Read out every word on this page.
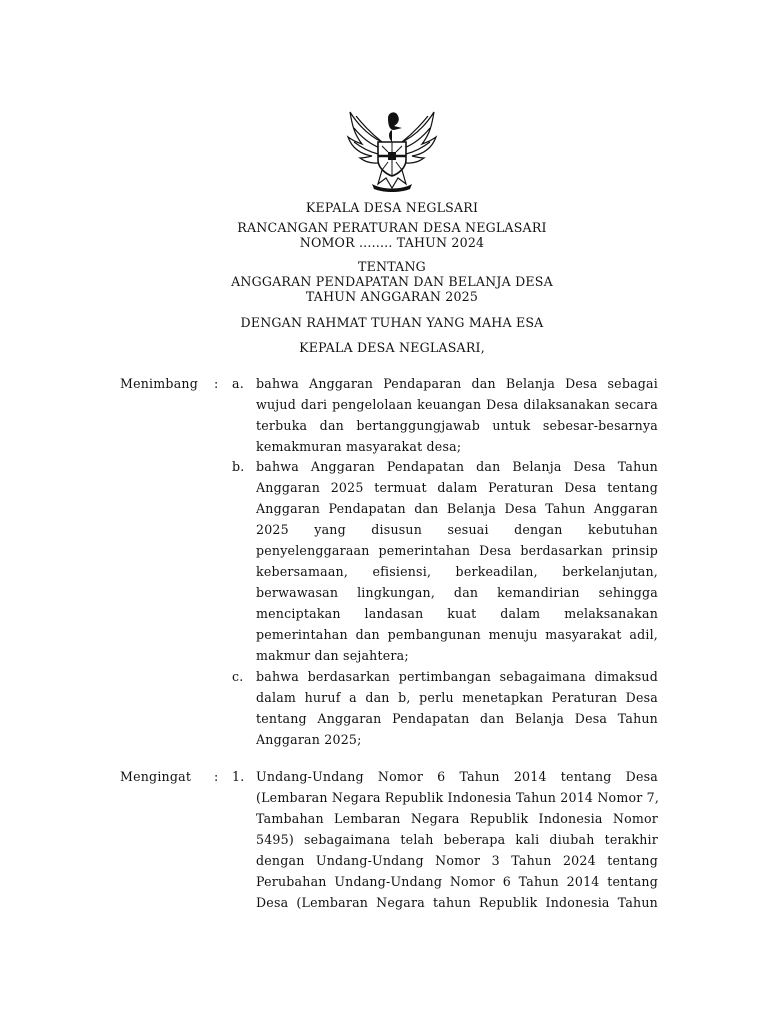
KEPALA DESA NEGLSARI
RANCANGAN PERATURAN DESA NEGLASARI
NOMOR ........ TAHUN 2024
TENTANG
ANGGARAN PENDAPATAN DAN BELANJA DESA
TAHUN ANGGARAN 2025
DENGAN RAHMAT TUHAN YANG MAHA ESA
KEPALA DESA NEGLASARI,
Menimbang : a. bahwa Anggaran Pendaparan dan Belanja Desa sebagai
wujud dari pengelolaan keuangan Desa dilaksanakan secara
terbuka dan bertanggungjawab untuk sebesar-besarnya
kemakmuran masyarakat desa;
b. bahwa Anggaran Pendapatan dan Belanja Desa Tahun
Anggaran 2025 termuat dalam Peraturan Desa tentang
Anggaran Pendapatan dan Belanja Desa Tahun Anggaran
2025 yang disusun sesuai dengan kebutuhan
penyelenggaraan pemerintahan Desa berdasarkan prinsip
kebersamaan, efisiensi, berkeadilan, berkelanjutan,
berwawasan lingkungan, dan kemandirian sehingga
menciptakan landasan kuat dalam melaksanakan
pemerintahan dan pembangunan menuju masyarakat adil,
makmur dan sejahtera;
c. bahwa berdasarkan pertimbangan sebagaimana dimaksud
dalam huruf a dan b, perlu menetapkan Peraturan Desa
tentang Anggaran Pendapatan dan Belanja Desa Tahun
Anggaran 2025;
Mengingat : 1. Undang-Undang Nomor 6 Tahun 2014 tentang Desa
(Lembaran Negara Republik Indonesia Tahun 2014 Nomor 7,
Tambahan Lembaran Negara Republik Indonesia Nomor
5495) sebagaimana telah beberapa kali diubah terakhir
dengan Undang-Undang Nomor 3 Tahun 2024 tentang
Perubahan Undang-Undang Nomor 6 Tahun 2014 tentang
Desa (Lembaran Negara tahun Republik Indonesia Tahun
